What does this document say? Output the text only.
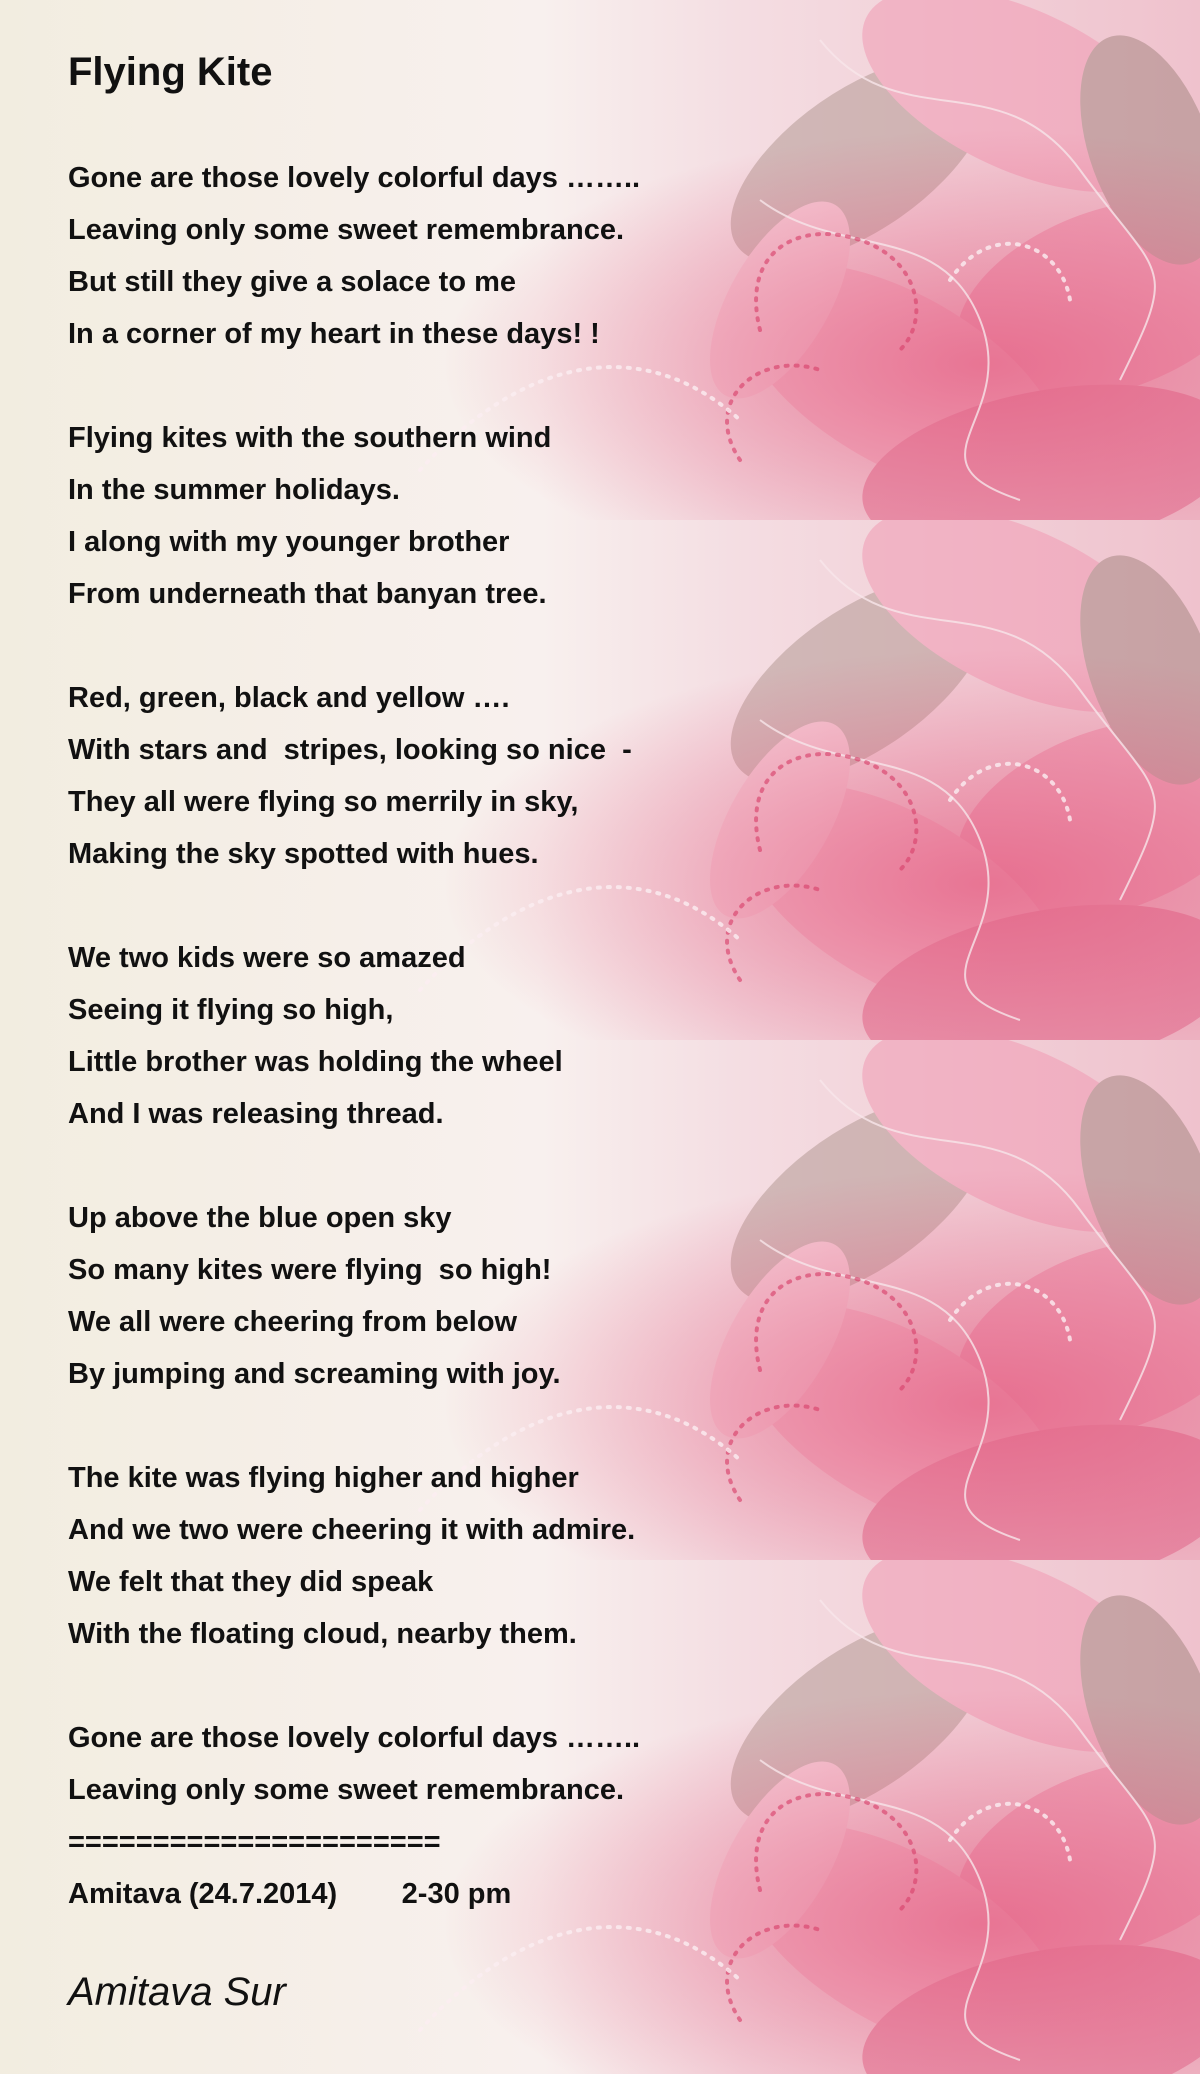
Flying Kite
Gone are those lovely colorful days ……..
Leaving only some sweet remembrance.
But still they give a solace to me
In a corner of my heart in these days! !
Flying kites with the southern wind
In the summer holidays.
I along with my younger brother
From underneath that banyan tree.
Red, green, black and yellow ….
With stars and  stripes, looking so nice  -
They all were flying so merrily in sky,
Making the sky spotted with hues.
We two kids were so amazed
Seeing it flying so high,
Little brother was holding the wheel
And I was releasing thread.
Up above the blue open sky
So many kites were flying  so high!
We all were cheering from below
By jumping and screaming with joy.
The kite was flying higher and higher
And we two were cheering it with admire.
We felt that they did speak
With the floating cloud, nearby them.
Gone are those lovely colorful days ……..
Leaving only some sweet remembrance.
======================
Amitava (24.7.2014)        2-30 pm
Amitava Sur
